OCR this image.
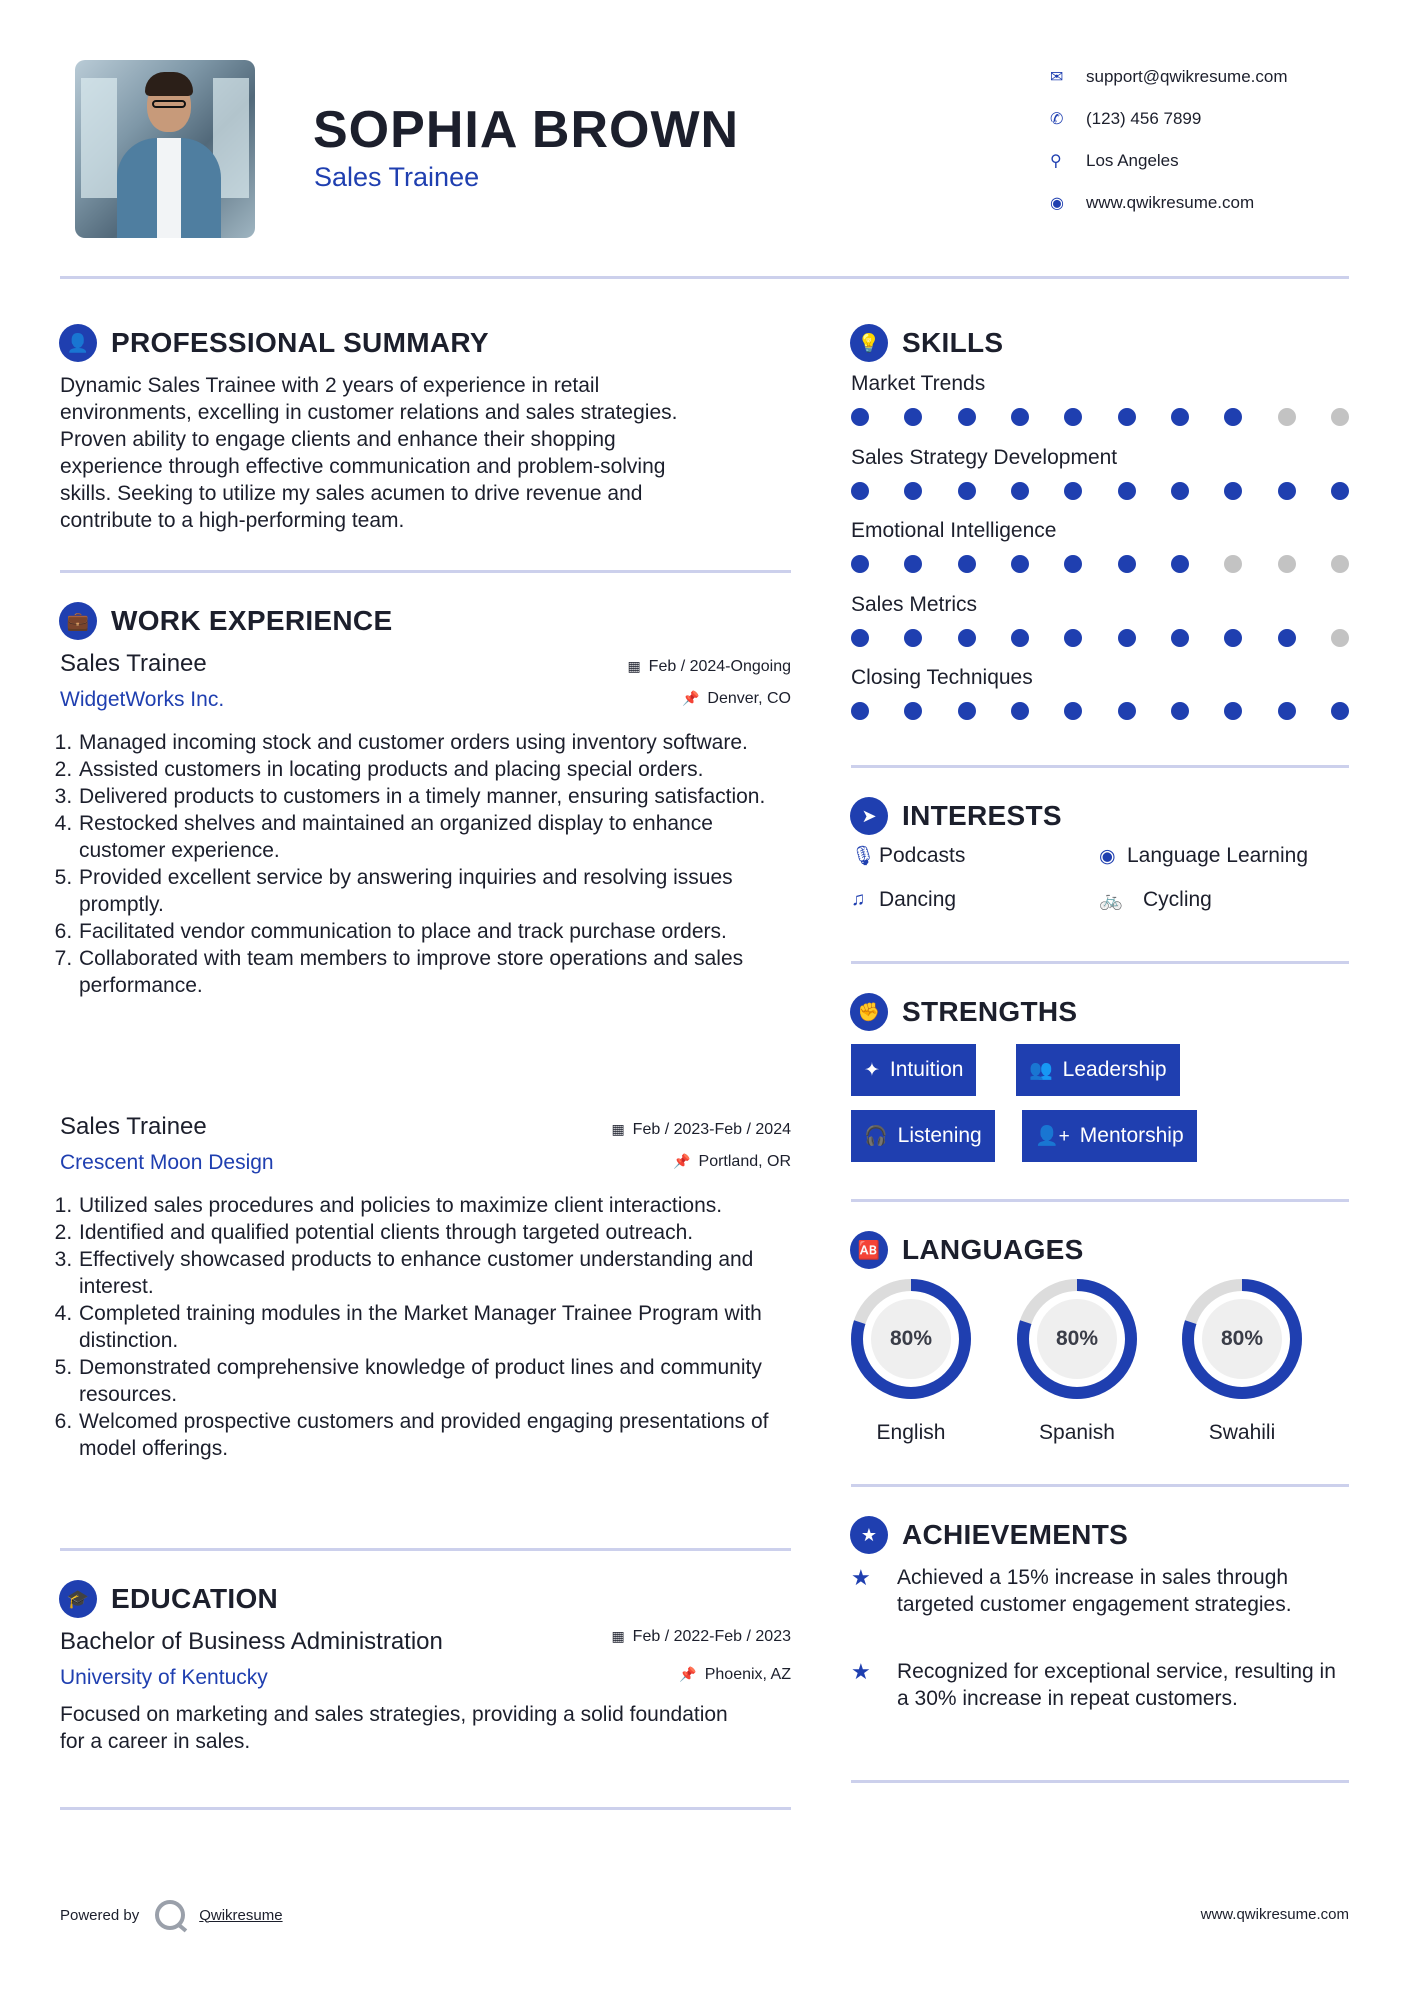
SOPHIA BROWN
Sales Trainee
✉	support@qwikresume.com
✆	(123) 456 7899
⚲	Los Angeles
◉	www.qwikresume.com
👤 PROFESSIONAL SUMMARY
Dynamic Sales Trainee with 2 years of experience in retail
environments, excelling in customer relations and sales strategies.
Proven ability to engage clients and enhance their shopping
experience through effective communication and problem-solving
skills. Seeking to utilize my sales acumen to drive revenue and
contribute to a high-performing team.
💼 WORK EXPERIENCE
Sales Trainee	▦ Feb / 2024-Ongoing
WidgetWorks Inc.	📌 Denver, CO
1. Managed incoming stock and customer orders using inventory software.
2. Assisted customers in locating products and placing special orders.
3. Delivered products to customers in a timely manner, ensuring satisfaction.
4. Restocked shelves and maintained an organized display to enhance customer experience.
5. Provided excellent service by answering inquiries and resolving issues promptly.
6. Facilitated vendor communication to place and track purchase orders.
7. Collaborated with team members to improve store operations and sales performance.
Sales Trainee	▦ Feb / 2023-Feb / 2024
Crescent Moon Design	📌 Portland, OR
1. Utilized sales procedures and policies to maximize client interactions.
2. Identified and qualified potential clients through targeted outreach.
3. Effectively showcased products to enhance customer understanding and interest.
4. Completed training modules in the Market Manager Trainee Program with distinction.
5. Demonstrated comprehensive knowledge of product lines and community resources.
6. Welcomed prospective customers and provided engaging presentations of model offerings.
🎓 EDUCATION
Bachelor of Business Administration	▦ Feb / 2022-Feb / 2023
University of Kentucky	📌 Phoenix, AZ
Focused on marketing and sales strategies, providing a solid foundation for a career in sales.
💡 SKILLS
Market Trends
Sales Strategy Development
Emotional Intelligence
Sales Metrics
Closing Techniques
➤ INTERESTS
🎙 Podcasts	◉ Language Learning
♫ Dancing	🚲 Cycling
✊ STRENGTHS
✦ Intuition	👥 Leadership
🎧 Listening	👤+ Mentorship
🆎 LANGUAGES
80%
English
80%
Spanish
80%
Swahili
★ ACHIEVEMENTS
★	Achieved a 15% increase in sales through targeted customer engagement strategies.
★	Recognized for exceptional service, resulting in a 30% increase in repeat customers.
Powered by	Qwikresume	www.qwikresume.com
